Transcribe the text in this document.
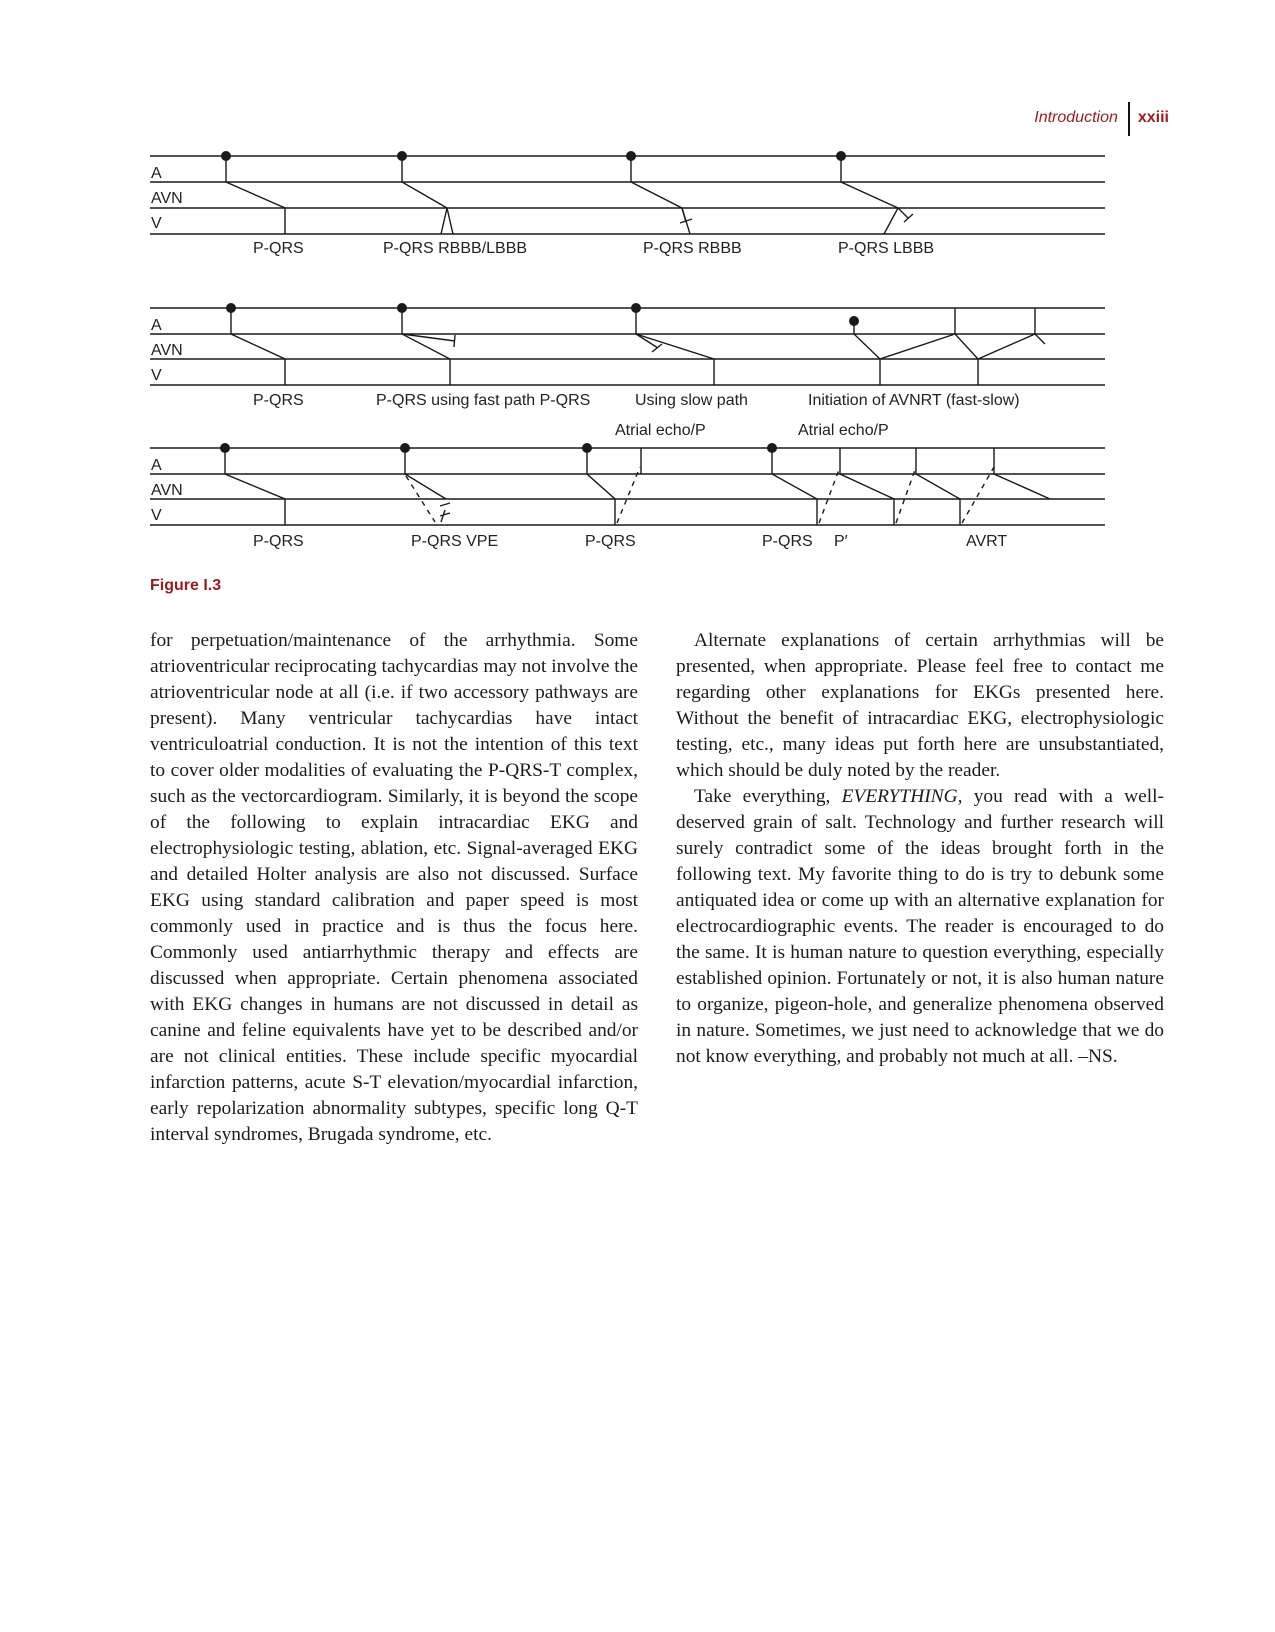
Introduction	xxiii
A
AVN
V
P-QRS	P-QRS RBBB/LBBB	P-QRS RBBB	P-QRS LBBB
A
AVN
V
P-QRS	P-QRS using fast path P-QRS	Using slow path	Initiation of AVNRT (fast-slow)
Atrial echo/P	Atrial echo/P
A
AVN
V
P-QRS	P-QRS VPE	P-QRS	P-QRS P′	AVRT
Figure I.3

for perpetuation/maintenance of the arrhythmia. Some atrioventricular reciprocating tachycardias may not involve the atrioventricular node at all (i.e. if two accessory pathways are present). Many ventricular tachycardias have intact ventriculoatrial conduction. It is not the intention of this text to cover older modalities of evaluating the P-QRS-T complex, such as the vectorcardiogram. Similarly, it is beyond the scope of the following to explain intracardiac EKG and electrophysiologic testing, ablation, etc. Signal-averaged EKG and detailed Holter analysis are also not discussed. Surface EKG using standard calibration and paper speed is most commonly used in practice and is thus the focus here. Commonly used antiarrhythmic therapy and effects are discussed when appropriate. Certain phenomena associated with EKG changes in humans are not discussed in detail as canine and feline equivalents have yet to be described and/or are not clinical entities. These include specific myocardial infarction patterns, acute S-T elevation/myocardial infarction, early repolarization abnormality subtypes, specific long Q-T interval syndromes, Brugada syndrome, etc.

Alternate explanations of certain arrhythmias will be presented, when appropriate. Please feel free to contact me regarding other explanations for EKGs presented here. Without the benefit of intracardiac EKG, electrophysiologic testing, etc., many ideas put forth here are unsubstantiated, which should be duly noted by the reader.

Take everything, EVERYTHING, you read with a well-deserved grain of salt. Technology and further research will surely contradict some of the ideas brought forth in the following text. My favorite thing to do is try to debunk some antiquated idea or come up with an alternative explanation for electrocardiographic events. The reader is encouraged to do the same. It is human nature to question everything, especially established opinion. Fortunately or not, it is also human nature to organize, pigeon-hole, and generalize phenomena observed in nature. Sometimes, we just need to acknowledge that we do not know everything, and probably not much at all. –NS.
